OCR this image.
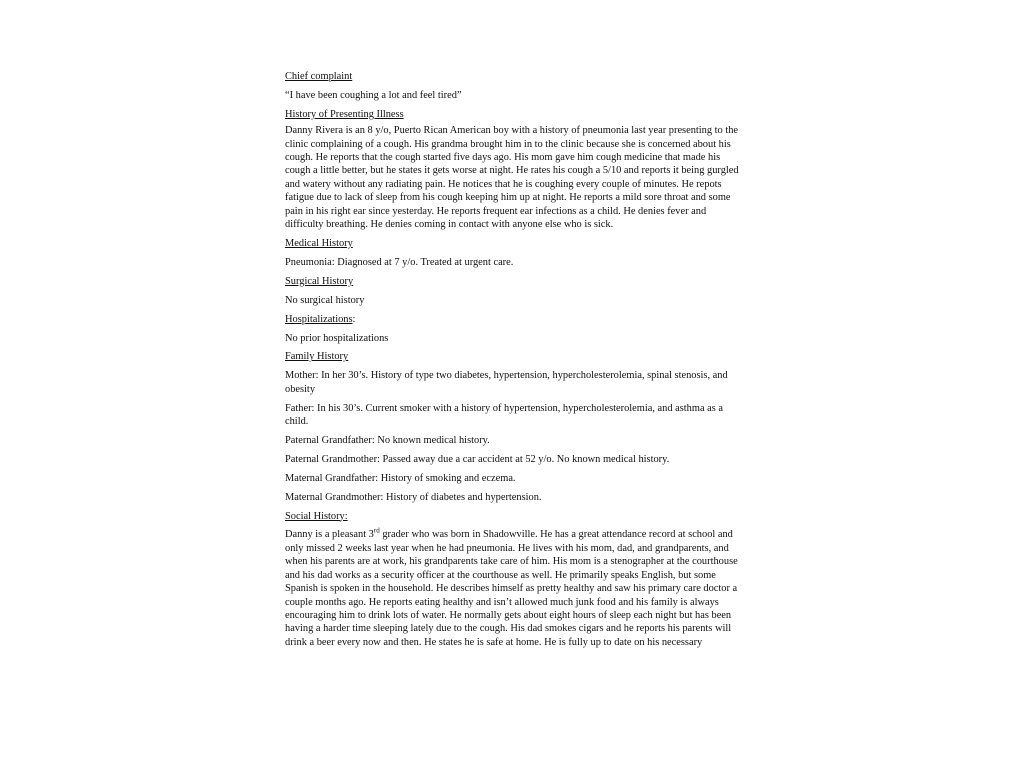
Chief complaint
“I have been coughing a lot and feel tired”
History of Presenting Illness
Danny Rivera is an 8 y/o, Puerto Rican American boy with a history of pneumonia last year presenting to the clinic complaining of a cough. His grandma brought him in to the clinic because she is concerned about his cough. He reports that the cough started five days ago. His mom gave him cough medicine that made his cough a little better, but he states it gets worse at night. He rates his cough a 5/10 and reports it being gurgled and watery without any radiating pain. He notices that he is coughing every couple of minutes. He repots fatigue due to lack of sleep from his cough keeping him up at night. He reports a mild sore throat and some pain in his right ear since yesterday. He reports frequent ear infections as a child. He denies fever and difficulty breathing. He denies coming in contact with anyone else who is sick.
Medical History
Pneumonia: Diagnosed at 7 y/o. Treated at urgent care.
Surgical History
No surgical history
Hospitalizations:
No prior hospitalizations
Family History
Mother: In her 30’s. History of type two diabetes, hypertension, hypercholesterolemia, spinal stenosis, and obesity
Father: In his 30’s. Current smoker with a history of hypertension, hypercholesterolemia, and asthma as a child.
Paternal Grandfather: No known medical history.
Paternal Grandmother: Passed away due a car accident at 52 y/o. No known medical history.
Maternal Grandfather: History of smoking and eczema.
Maternal Grandmother: History of diabetes and hypertension.
Social History:
Danny is a pleasant 3rd grader who was born in Shadowville. He has a great attendance record at school and only missed 2 weeks last year when he had pneumonia. He lives with his mom, dad, and grandparents, and when his parents are at work, his grandparents take care of him. His mom is a stenographer at the courthouse and his dad works as a security officer at the courthouse as well. He primarily speaks English, but some Spanish is spoken in the household. He describes himself as pretty healthy and saw his primary care doctor a couple months ago. He reports eating healthy and isn’t allowed much junk food and his family is always encouraging him to drink lots of water. He normally gets about eight hours of sleep each night but has been having a harder time sleeping lately due to the cough. His dad smokes cigars and he reports his parents will drink a beer every now and then. He states he is safe at home. He is fully up to date on his necessary
